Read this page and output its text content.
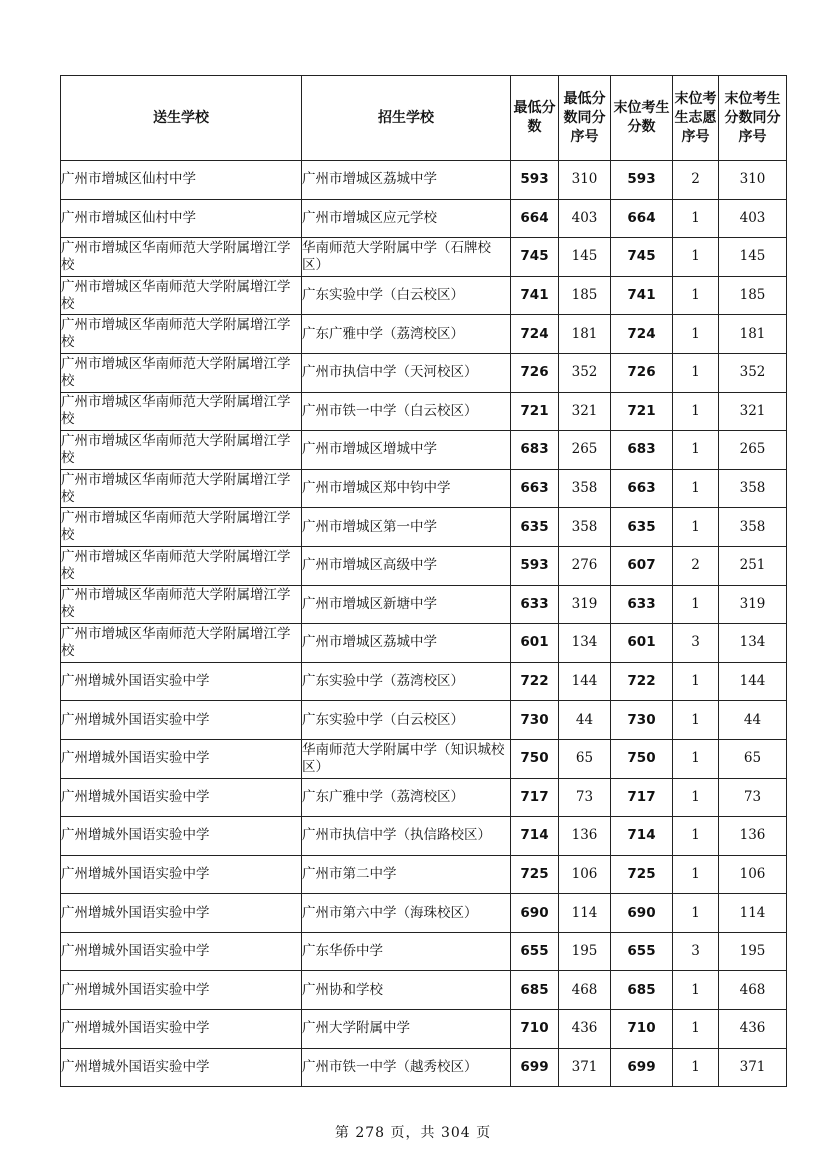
送生学校	招生学校	最低分数	最低分数同分序号	末位考生分数	末位考生志愿序号	末位考生分数同分序号
广州市增城区仙村中学	广州市增城区荔城中学	593	310	593	2	310
广州市增城区仙村中学	广州市增城区应元学校	664	403	664	1	403
广州市增城区华南师范大学附属增江学校	华南师范大学附属中学（石牌校区）	745	145	745	1	145
广州市增城区华南师范大学附属增江学校	广东实验中学（白云校区）	741	185	741	1	185
广州市增城区华南师范大学附属增江学校	广东广雅中学（荔湾校区）	724	181	724	1	181
广州市增城区华南师范大学附属增江学校	广州市执信中学（天河校区）	726	352	726	1	352
广州市增城区华南师范大学附属增江学校	广州市铁一中学（白云校区）	721	321	721	1	321
广州市增城区华南师范大学附属增江学校	广州市增城区增城中学	683	265	683	1	265
广州市增城区华南师范大学附属增江学校	广州市增城区郑中钧中学	663	358	663	1	358
广州市增城区华南师范大学附属增江学校	广州市增城区第一中学	635	358	635	1	358
广州市增城区华南师范大学附属增江学校	广州市增城区高级中学	593	276	607	2	251
广州市增城区华南师范大学附属增江学校	广州市增城区新塘中学	633	319	633	1	319
广州市增城区华南师范大学附属增江学校	广州市增城区荔城中学	601	134	601	3	134
广州增城外国语实验中学	广东实验中学（荔湾校区）	722	144	722	1	144
广州增城外国语实验中学	广东实验中学（白云校区）	730	44	730	1	44
广州增城外国语实验中学	华南师范大学附属中学（知识城校区）	750	65	750	1	65
广州增城外国语实验中学	广东广雅中学（荔湾校区）	717	73	717	1	73
广州增城外国语实验中学	广州市执信中学（执信路校区）	714	136	714	1	136
广州增城外国语实验中学	广州市第二中学	725	106	725	1	106
广州增城外国语实验中学	广州市第六中学（海珠校区）	690	114	690	1	114
广州增城外国语实验中学	广东华侨中学	655	195	655	3	195
广州增城外国语实验中学	广州协和学校	685	468	685	1	468
广州增城外国语实验中学	广州大学附属中学	710	436	710	1	436
广州增城外国语实验中学	广州市铁一中学（越秀校区）	699	371	699	1	371
第 278 页，共 304 页
